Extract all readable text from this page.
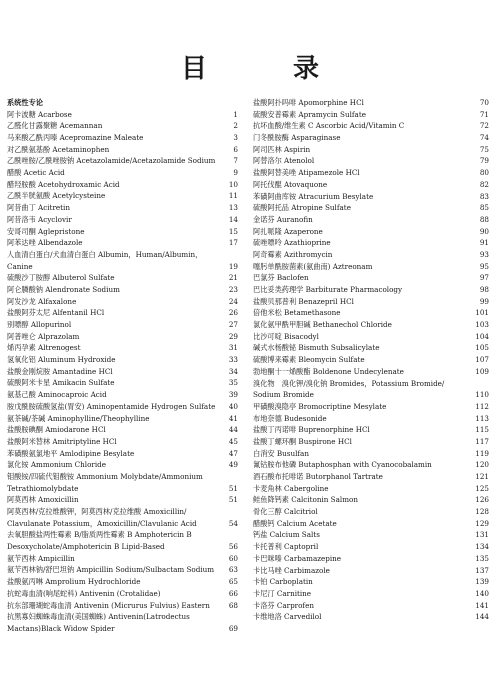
目　录
系统性专论
阿卡波糖 Acarbose	1
乙醛化甘露聚糖 Acemannan	2
马来酸乙酰丙嗪 Acepromazine Maleate	3
对乙酰氨基酚 Acetaminophen	6
乙酰唑胺/乙酰唑胺钠 Acetazolamide/Acetazolamide Sodium	7
醋酸 Acetic Acid	9
醋羟胺酸 Acetohydroxamic Acid	10
乙酰半胱氨酸 Acetylcysteine	11
阿昔曲丁 Acitretin	13
阿昔洛韦 Acyclovir	14
安哥司酮 Aglepristone	15
阿苯达唑 Albendazole	17
人血清白蛋白/犬血清白蛋白 Albumin，Human/Albumin，
Canine	19
硫酸沙丁胺醇 Albuterol Sulfate	21
阿仑膦酸钠 Alendronate Sodium	23
阿发沙龙 Alfaxalone	24
盐酸阿芬太尼 Alfentanil HCl	26
别嘌醇 Allopurinol	27
阿普唑仑 Alprazolam	29
烯丙孕素 Altrenogest	31
氢氧化铝 Aluminum Hydroxide	33
盐酸金刚烷胺 Amantadine HCl	34
硫酸阿米卡星 Amikacin Sulfate	35
氨基己酸 Aminocaproic Acid	39
胺戊酰胺硫酸氢盐(胃安) Aminopentamide Hydrogen Sulfate	40
氨茶碱/茶碱 Aminophylline/Theophylline	41
盐酸胺碘酮 Amiodarone HCl	44
盐酸阿米替林 Amitriptyline HCl	45
苯磺酸氨氯地平 Amlodipine Besylate	47
氯化铵 Ammonium Chloride	49
钼酸铵/四硫代钼酸铵 Ammonium Molybdate/Ammonium
Tetrathiomolybdate	51
阿莫西林 Amoxicillin	51
阿莫西林/克拉维酸钾，阿莫西林/克拉维酸 Amoxicillin/
Clavulanate Potassium，Amoxicillin/Clavulanic Acid	54
去氧胆酸盐两性霉素 B/脂质两性霉素 B Amphotericin B
Desoxycholate/Amphotericin B Lipid-Based	56
氨苄西林 Ampicillin	60
氨苄西林钠/舒巴坦钠 Ampicillin Sodium/Sulbactam Sodium	63
盐酸氨丙啉 Amprolium Hydrochloride	65
抗蛇毒血清(响尾蛇科) Antivenin (Crotalidae)	66
抗东部珊瑚蛇毒血清 Antivenin (Micrurus Fulvius) Eastern	68
抗黑寡妇蜘蛛毒血清(美国蜘蛛) Antivenin(Latrodectus
Mactans)Black Widow Spider	69
盐酸阿扑吗啡 Apomorphine HCl	70
硫酸安普霉素 Apramycin Sulfate	71
抗坏血酸/维生素 C Ascorbic Acid/Vitamin C	72
门冬酰胺酶 Asparaginase	74
阿司匹林 Aspirin	75
阿替洛尔 Atenolol	79
盐酸阿替美唑 Atipamezole HCl	80
阿托伐醌 Atovaquone	82
苯磺阿曲库铵 Atracurium Besylate	83
硫酸阿托品 Atropine Sulfate	85
金诺芬 Auranofin	88
阿扎哌隆 Azaperone	90
硫唑嘌呤 Azathioprine	91
阿奇霉素 Azithromycin	93
噻肟单酰胺菌素(氨曲南) Aztreonam	95
巴氯芬 Baclofen	97
巴比妥类药理学 Barbiturate Pharmacology	98
盐酸贝那普利 Benazepril HCl	99
倍他米松 Betamethasone	101
氯化氨甲酰甲胆碱 Bethanechol Chloride	103
比沙可啶 Bisacodyl	104
碱式水杨酸铋 Bismuth Subsalicylate	105
硫酸博来霉素 Bleomycin Sulfate	107
勃地酮十一烯酸酯 Boldenone Undecylenate	109
溴化物　溴化钾/溴化钠 Bromides，Potassium Bromide/
Sodium Bromide	110
甲磺酸溴隐亭 Bromocriptine Mesylate	112
布地奈德 Budesonide	113
盐酸丁丙诺啡 Buprenorphine HCl	115
盐酸丁螺环酮 Buspirone HCl	117
白消安 Busulfan	119
氰钴胺布他磷 Butaphosphan with Cyanocobalamin	120
酒石酸布托啡诺 Butorphanol Tartrate	121
卡麦角林 Cabergoline	125
鲑鱼降钙素 Calcitonin Salmon	126
骨化三醇 Calcitriol	128
醋酸钙 Calcium Acetate	129
钙盐 Calcium Salts	131
卡托普利 Captopril	134
卡巴咪嗪 Carbamazepine	135
卡比马唑 Carbimazole	137
卡铂 Carboplatin	139
卡尼汀 Carnitine	140
卡洛芬 Carprofen	141
卡维地洛 Carvedilol	144
